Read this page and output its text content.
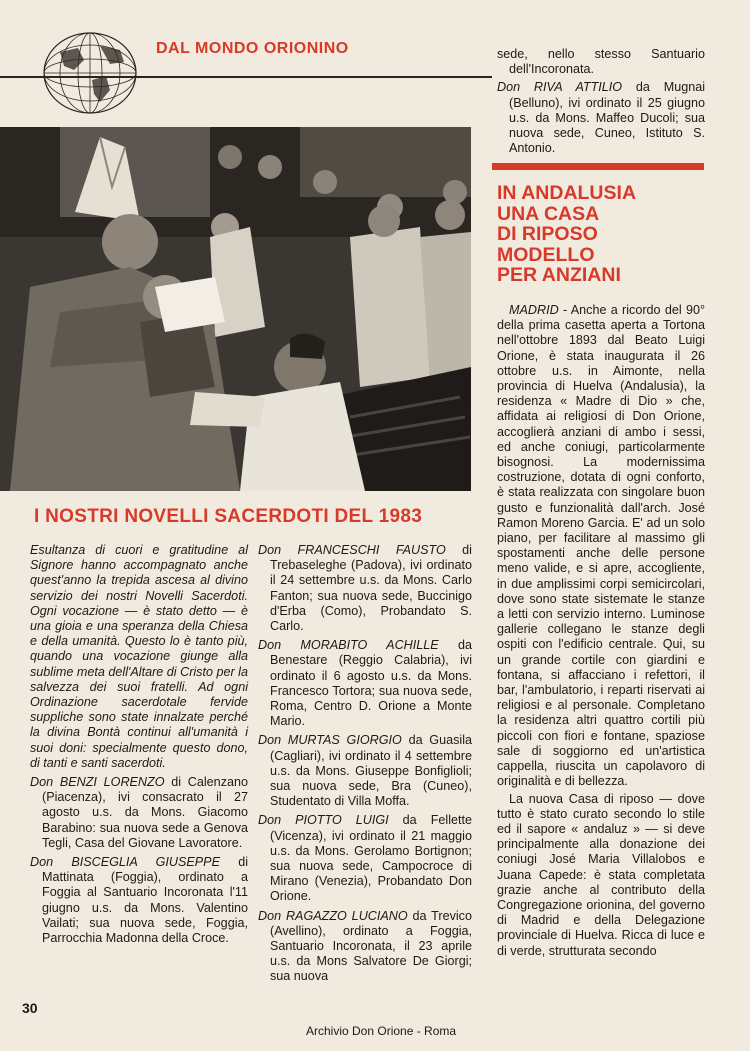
DAL MONDO ORIONINO
I NOSTRI NOVELLI SACERDOTI DEL 1983

Esultanza di cuori e gratitudine al Signore hanno accompagnato anche quest'anno la trepida ascesa al divino servizio dei nostri Novelli Sacerdoti. Ogni vocazione — è stato detto — è una gioia e una speranza della Chiesa e della umanità. Questo lo è tanto più, quando una vocazione giunge alla sublime meta dell'Altare di Cristo per la salvezza dei suoi fratelli. Ad ogni Ordinazione sacerdotale fervide suppliche sono state innalzate perché la divina Bontà continui all'umanità i suoi doni: specialmente questo dono, di tanti e santi sacerdoti.

Don BENZI LORENZO di Calenzano (Piacenza), ivi consacrato il 27 agosto u.s. da Mons. Giacomo Barabino: sua nuova sede a Genova Tegli, Casa del Giovane Lavoratore.

Don BISCEGLIA GIUSEPPE di Mattinata (Foggia), ordinato a Foggia al Santuario Incoronata l'11 giugno u.s. da Mons. Valentino Vailati; sua nuova sede, Foggia, Parrocchia Madonna della Croce.

Don FRANCESCHI FAUSTO di Trebaseleghe (Padova), ivi ordinato il 24 settembre u.s. da Mons. Carlo Fanton; sua nuova sede, Buccinigo d'Erba (Como), Probandato S. Carlo.

Don MORABITO ACHILLE da Benestare (Reggio Calabria), ivi ordinato il 6 agosto u.s. da Mons. Francesco Tortora; sua nuova sede, Roma, Centro D. Orione a Monte Mario.

Don MURTAS GIORGIO da Guasila (Cagliari), ivi ordinato il 4 settembre u.s. da Mons. Giuseppe Bonfiglioli; sua nuova sede, Bra (Cuneo), Studentato di Villa Moffa.

Don PIOTTO LUIGI da Fellette (Vicenza), ivi ordinato il 21 maggio u.s. da Mons. Gerolamo Bortignon; sua nuova sede, Campocroce di Mirano (Venezia), Probandato Don Orione.

Don RAGAZZO LUCIANO da Trevico (Avellino), ordinato a Foggia, Santuario Incoronata, il 23 aprile u.s. da Mons Salvatore De Giorgi; sua nuova

sede, nello stesso Santuario dell'Incoronata.

Don RIVA ATTILIO da Mugnai (Belluno), ivi ordinato il 25 giugno u.s. da Mons. Maffeo Ducoli; sua nuova sede, Cuneo, Istituto S. Antonio.

IN ANDALUSIA
UNA CASA
DI RIPOSO
MODELLO
PER ANZIANI

MADRID - Anche a ricordo del 90° della prima casetta aperta a Tortona nell'ottobre 1893 dal Beato Luigi Orione, è stata inaugurata il 26 ottobre u.s. in Aimonte, nella provincia di Huelva (Andalusia), la residenza « Madre di Dio » che, affidata ai religiosi di Don Orione, accoglierà anziani di ambo i sessi, ed anche coniugi, particolarmente bisognosi. La modernissima costruzione, dotata di ogni conforto, è stata realizzata con singolare buon gusto e funzionalità dall'arch. José Ramon Moreno Garcia. E' ad un solo piano, per facilitare al massimo gli spostamenti anche delle persone meno valide, e si apre, accogliente, in due amplissimi corpi semicircolari, dove sono state sistemate le stanze a letti con servizio interno. Luminose gallerie collegano le stanze degli ospiti con l'edificio centrale. Qui, su un grande cortile con giardini e fontana, si affacciano i refettori, il bar, l'ambulatorio, i reparti riservati ai religiosi e al personale. Completano la residenza altri quattro cortili più piccoli con fiori e fontane, spaziose sale di soggiorno ed un'artistica cappella, riuscita un capolavoro di originalità e di bellezza.

La nuova Casa di riposo — dove tutto è stato curato secondo lo stile ed il sapore « andaluz » — si deve principalmente alla donazione dei coniugi José Maria Villalobos e Juana Capede: è stata completata grazie anche al contributo della Congregazione orionina, del governo di Madrid e della Delegazione provinciale di Huelva. Ricca di luce e di verde, strutturata secondo

30
Archivio Don Orione - Roma
